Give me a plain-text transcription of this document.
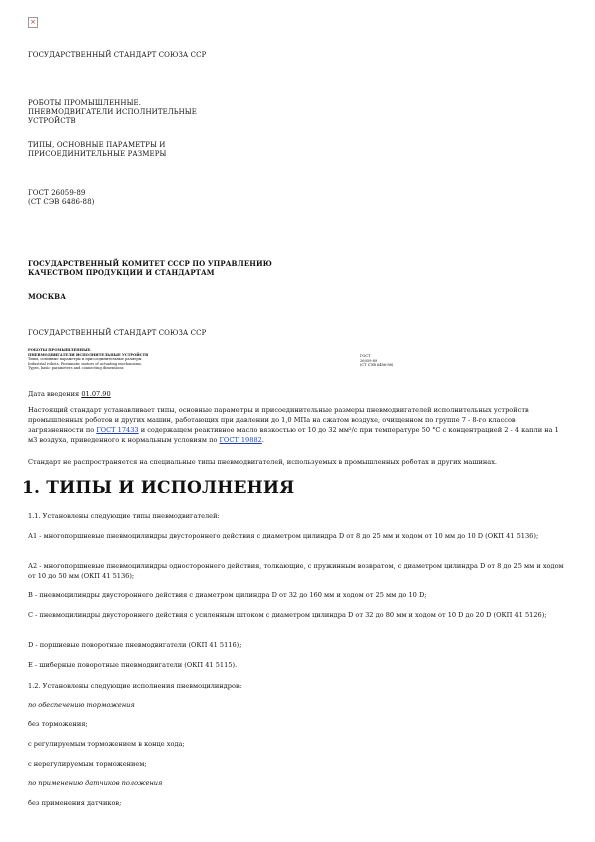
×
ГОСУДАРСТВЕННЫЙ СТАНДАРТ СОЮЗА ССР
РОБОТЫ ПРОМЫШЛЕННЫЕ.
ПНЕВМОДВИГАТЕЛИ ИСПОЛНИТЕЛЬНЫЕ
УСТРОЙСТВ
ТИПЫ, ОСНОВНЫЕ ПАРАМЕТРЫ И
ПРИСОЕДИНИТЕЛЬНЫЕ РАЗМЕРЫ
ГОСТ 26059-89
(СТ СЭВ 6486-88)
ГОСУДАРСТВЕННЫЙ КОМИТЕТ СССР ПО УПРАВЛЕНИЮ
КАЧЕСТВОМ ПРОДУКЦИИ И СТАНДАРТАМ
МОСКВА
ГОСУДАРСТВЕННЫЙ СТАНДАРТ СОЮЗА ССР
РОБОТЫ ПРОМЫШЛЕННЫЕ.
ПНЕВМОДВИГАТЕЛИ ИСПОЛНИТЕЛЬНЫЕ УСТРОЙСТВ
Типы, основные параметры и присоединительные размеры
Industrial robots. Pneumatic motors of actuating mechanisms.
Types, basic parameters and connecting dimensions
ГОСТ
26059-89
(СТ СЭВ 6486-88)
Дата введения 01.07.90
Настоящий стандарт устанавливает типы, основные параметры и присоединительные размеры пневмодвигателей исполнительных устройств промышленных роботов и других машин, работающих при давлении до 1,0 МПа на сжатом воздухе, очищенном по группе 7 - 8-го классов загрязненности по ГОСТ 17433 и содержащем реактивное масло вязкостью от 10 до 32 мм²/с при температуре 50 °С с концентрацией 2 - 4 капли на 1 м3 воздуха, приведенного к нормальным условиям по ГОСТ 19882.
Стандарт не распространяется на специальные типы пневмодвигателей, используемых в промышленных роботах и других машинах.
1. ТИПЫ И ИСПОЛНЕНИЯ
1.1. Установлены следующие типы пневмодвигателей:
А1 - многопоршневые пневмоцилиндры двустороннего действия с диаметром цилиндра D от 8 до 25 мм и ходом от 10 мм до 10 D (ОКП 41 5136);
А2 - многопоршневые пневмоцилиндры одностороннего действия, толкающие, с пружинным возвратом, с диаметром цилиндра D от 8 до 25 мм и ходом от 10 до 50 мм (ОКП 41 5136);
В - пневмоцилиндры двустороннего действия с диаметром цилиндра D от 32 до 160 мм и ходом от 25 мм до 10 D;
С - пневмоцилиндры двустороннего действия с усиленным штоком с диаметром цилиндра D от 32 до 80 мм и ходом от 10 D до 20 D (ОКП 41 5126);
D - поршневые поворотные пневмодвигатели (ОКП 41 5116);
Е - шиберные поворотные пневмодвигатели (ОКП 41 5115).
1.2. Установлены следующие исполнения пневмоцилиндров:
по обеспечению торможения
без торможения;
с регулируемым торможением в конце хода;
с нерегулируемым торможением;
по применению датчиков положения
без применения датчиков;
